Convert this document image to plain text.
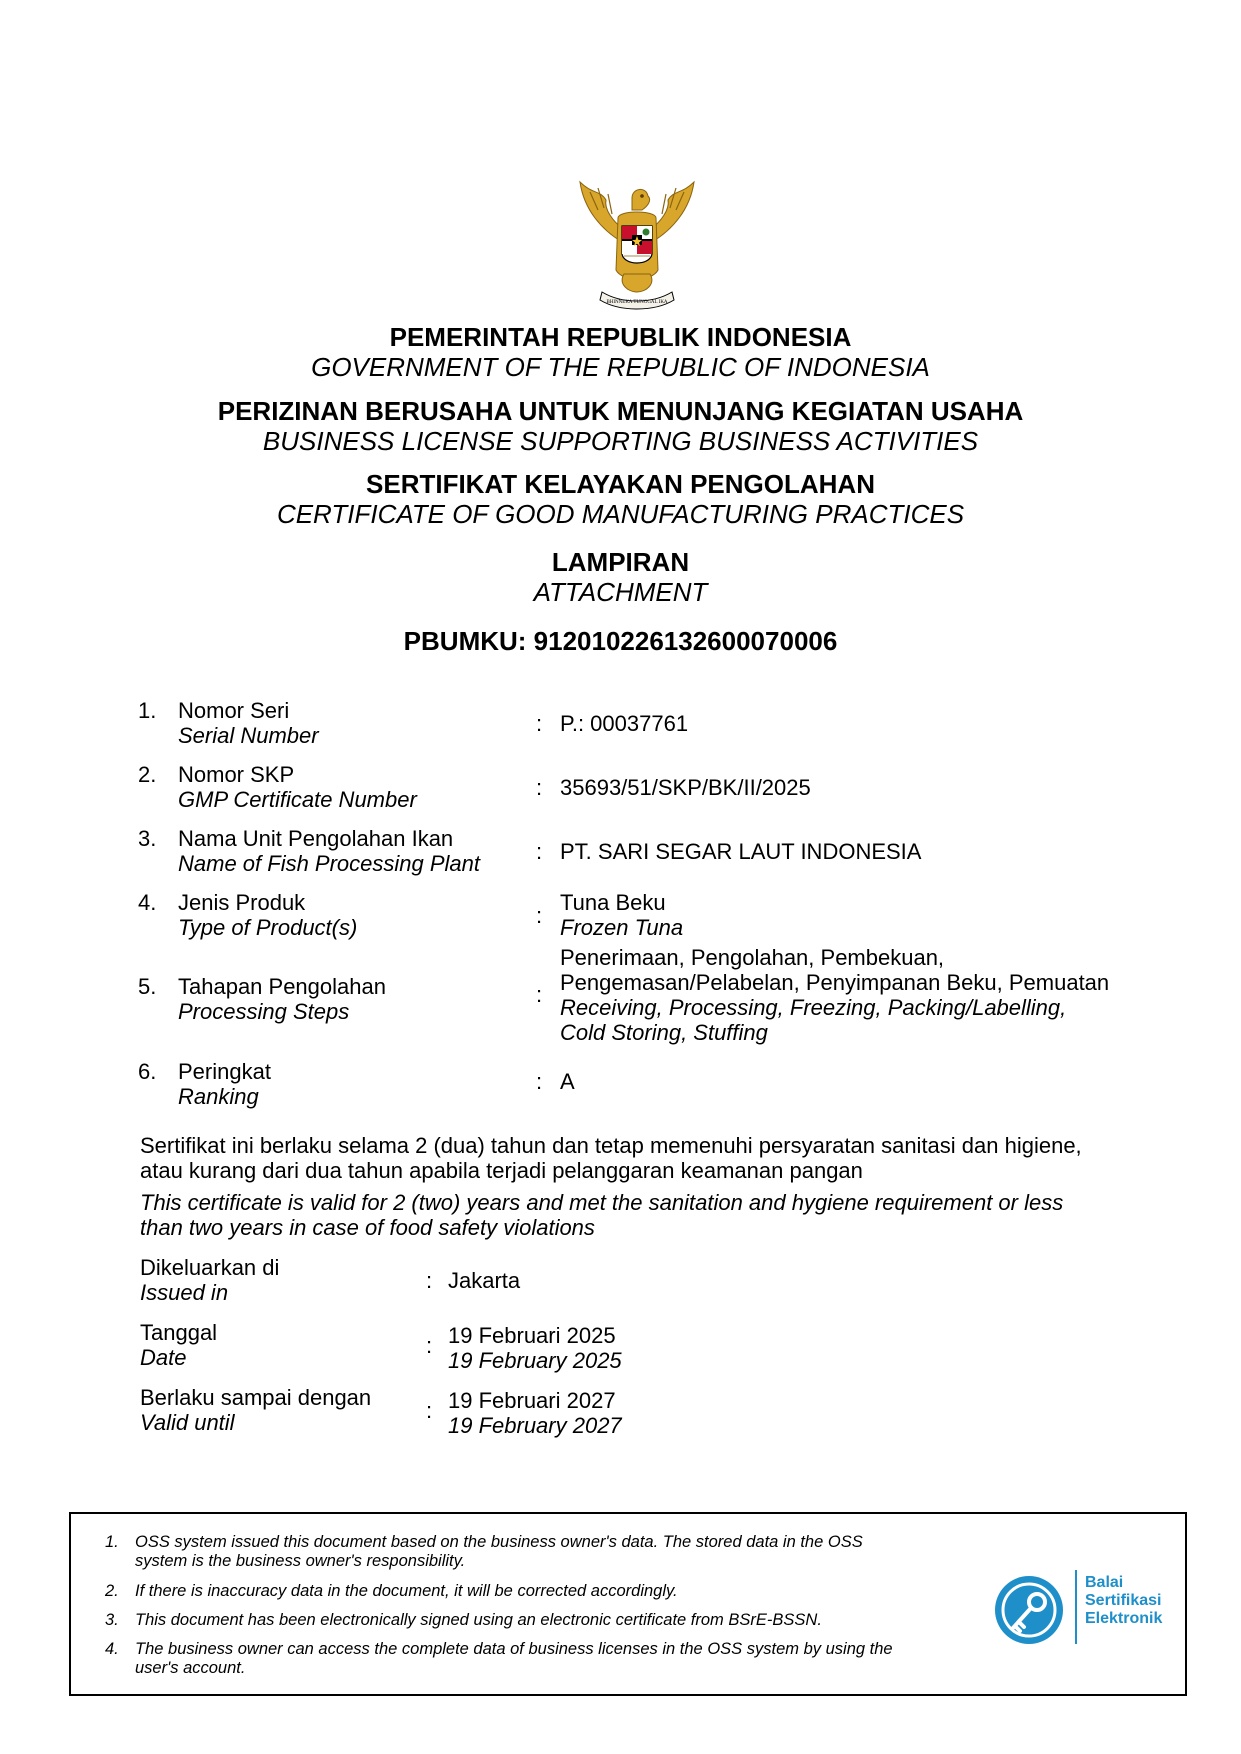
BHINNEKA TUNGGAL IKA
PEMERINTAH REPUBLIK INDONESIA
GOVERNMENT OF THE REPUBLIC OF INDONESIA
PERIZINAN BERUSAHA UNTUK MENUNJANG KEGIATAN USAHA
BUSINESS LICENSE SUPPORTING BUSINESS ACTIVITIES
SERTIFIKAT KELAYAKAN PENGOLAHAN
CERTIFICATE OF GOOD MANUFACTURING PRACTICES
LAMPIRAN
ATTACHMENT
PBUMKU: 912010226132600070006
1. Nomor Seri
Serial Number	: P.: 00037761
2. Nomor SKP
GMP Certificate Number	: 35693/51/SKP/BK/II/2025
3. Nama Unit Pengolahan Ikan
Name of Fish Processing Plant	: PT. SARI SEGAR LAUT INDONESIA
4. Jenis Produk
Type of Product(s)	:
Tuna Beku
Frozen Tuna
5. Tahapan Pengolahan
Processing Steps
:
Penerimaan, Pengolahan, Pembekuan,
Pengemasan/Pelabelan, Penyimpanan Beku, Pemuatan
Receiving, Processing, Freezing, Packing/Labelling,
Cold Storing, Stuffing
6. Peringkat
Ranking
: A
Sertifikat ini berlaku selama 2 (dua) tahun dan tetap memenuhi persyaratan sanitasi dan higiene,
atau kurang dari dua tahun apabila terjadi pelanggaran keamanan pangan
This certificate is valid for 2 (two) years and met the sanitation and hygiene requirement or less
than two years in case of food safety violations
Dikeluarkan di
Issued in	: Jakarta
Tanggal
Date	: 19 Februari 2025
19 February 2025
Berlaku sampai dengan
Valid until	: 19 Februari 2027
19 February 2027
1. OSS system issued this document based on the business owner's data. The stored data in the OSS
system is the business owner's responsibility.
2. If there is inaccuracy data in the document, it will be corrected accordingly.
3. This document has been electronically signed using an electronic certificate from BSrE-BSSN.
4. The business owner can access the complete data of business licenses in the OSS system by using the
user's account.
Balai
Sertifikasi
Elektronik
